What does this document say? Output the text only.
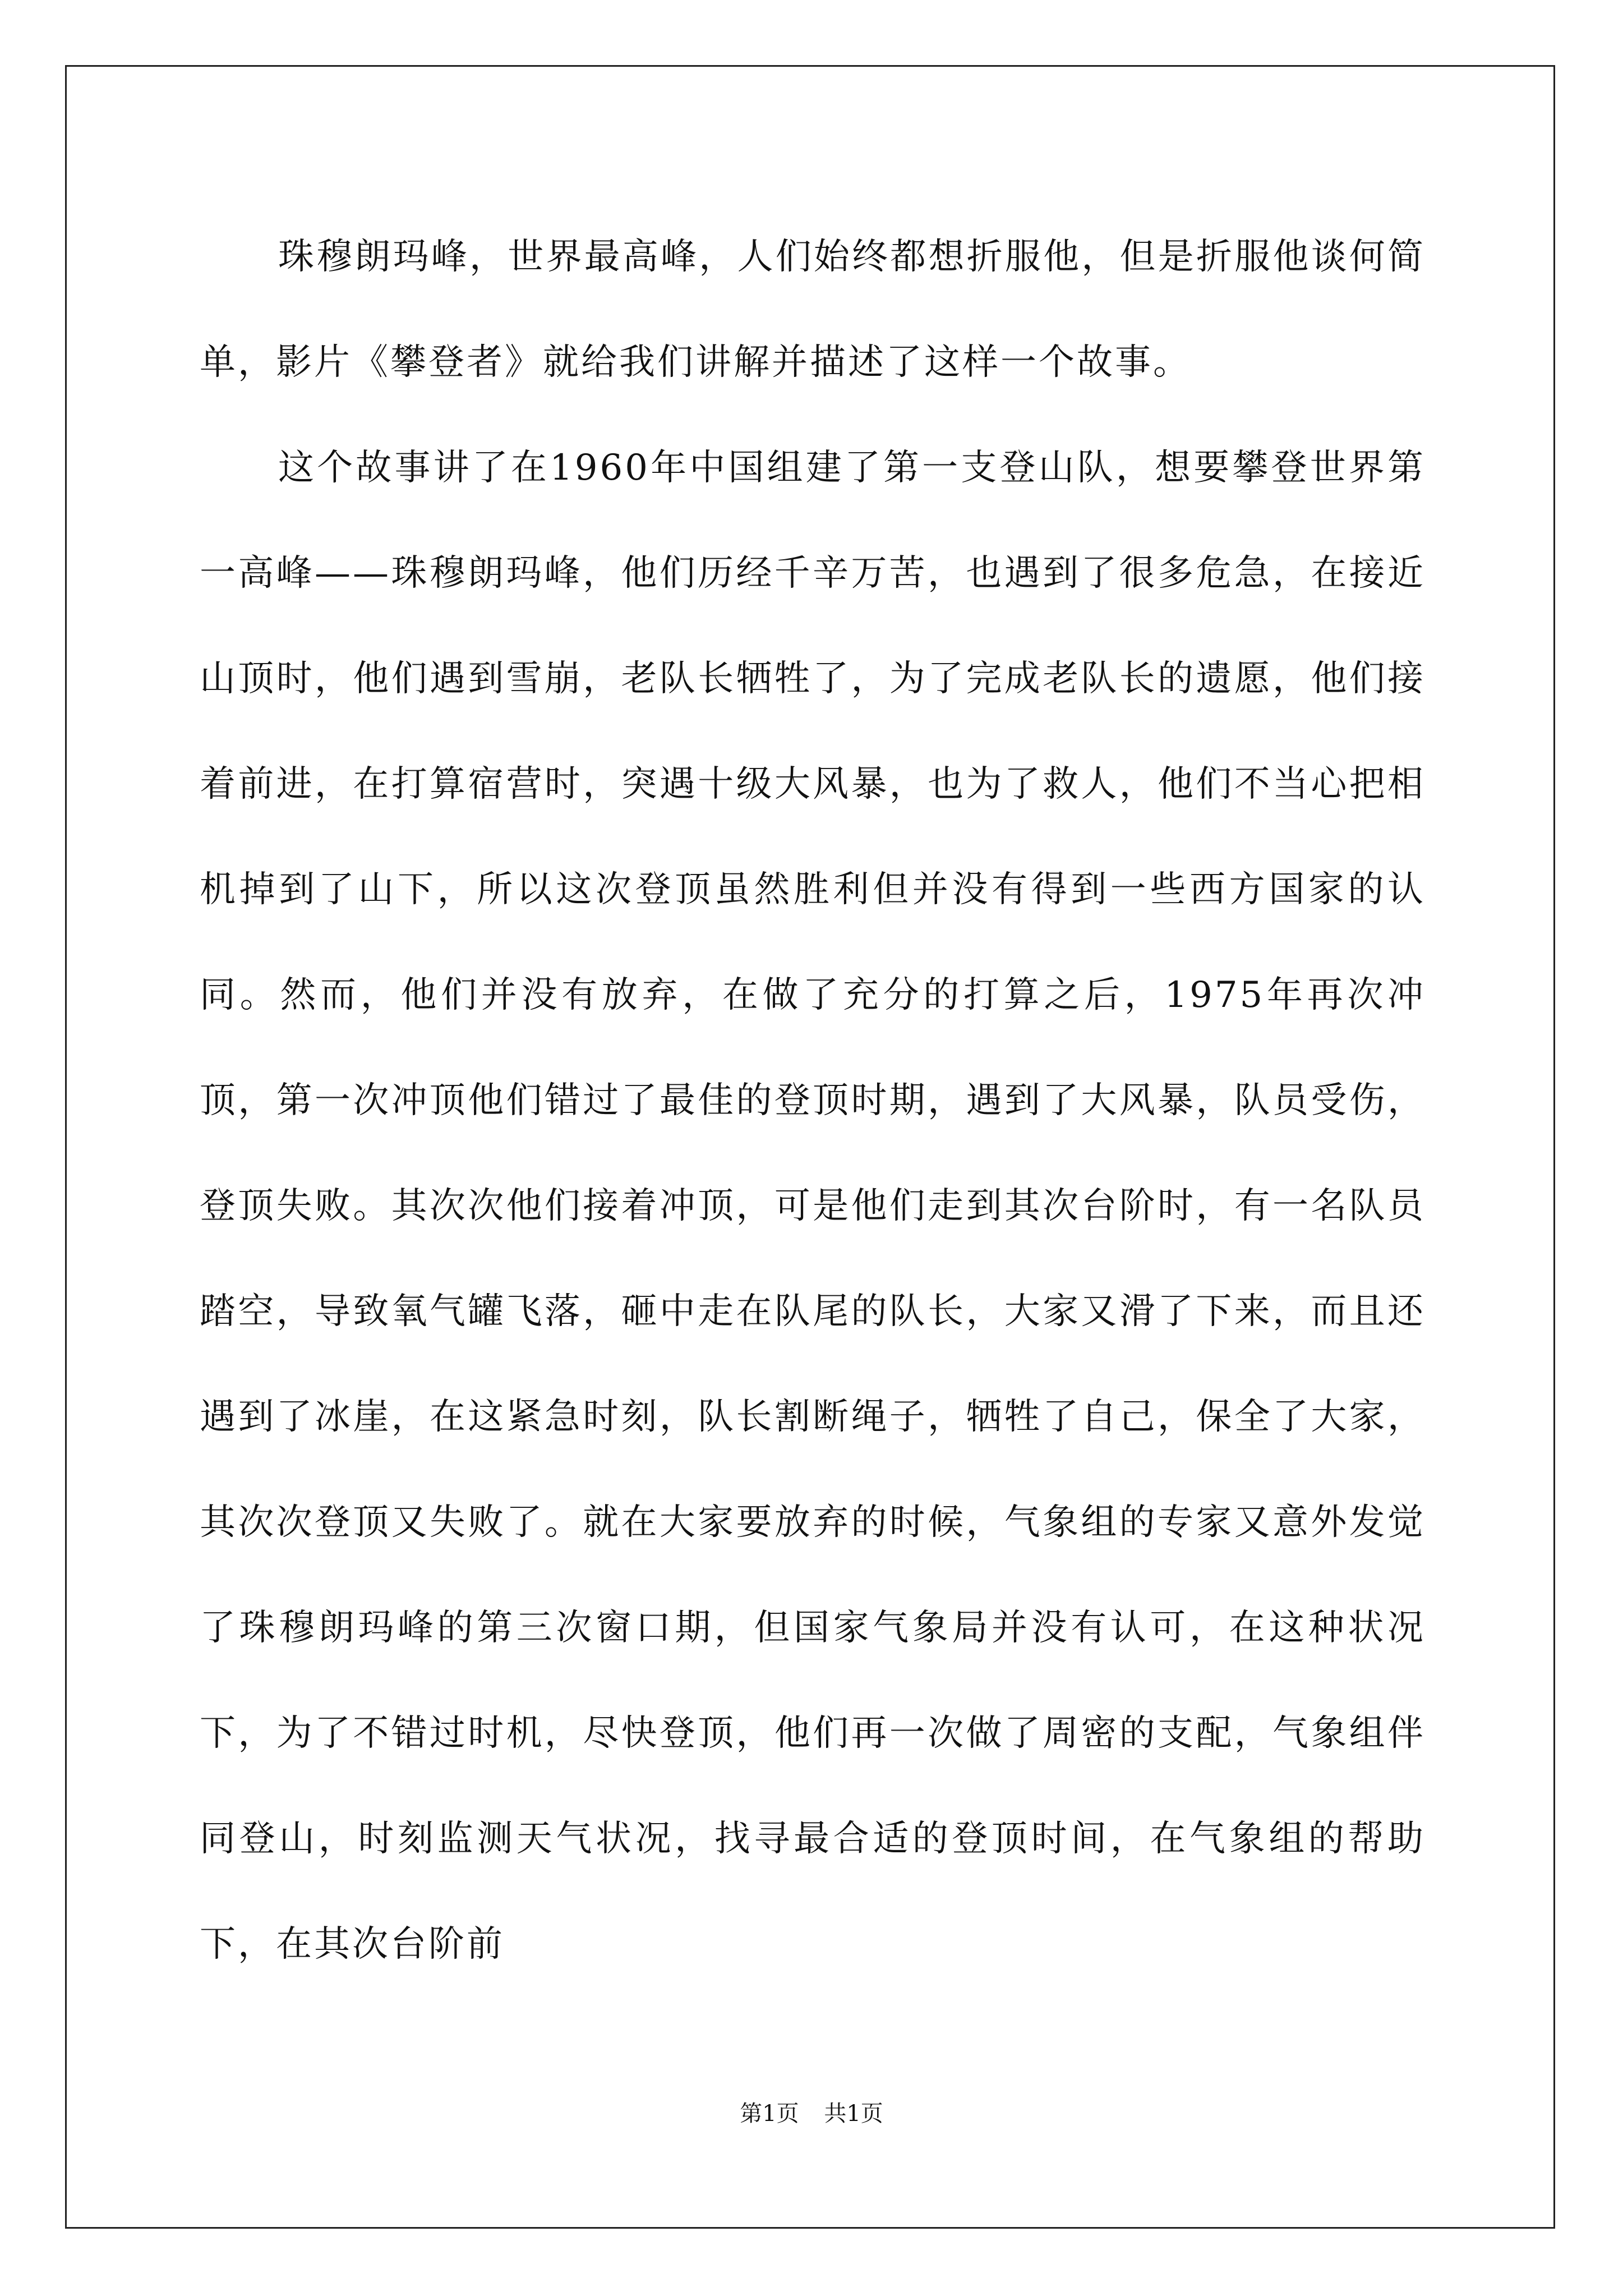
珠穆朗玛峰，世界最高峰，人们始终都想折服他，但是折服他谈何简单，影片《攀登者》就给我们讲解并描述了这样一个故事。

这个故事讲了在1960年中国组建了第一支登山队，想要攀登世界第一高峰——珠穆朗玛峰，他们历经千辛万苦，也遇到了很多危急，在接近山顶时，他们遇到雪崩，老队长牺牲了，为了完成老队长的遗愿，他们接着前进，在打算宿营时，突遇十级大风暴，也为了救人，他们不当心把相机掉到了山下，所以这次登顶虽然胜利但并没有得到一些西方国家的认同。然而，他们并没有放弃，在做了充分的打算之后，1975年再次冲顶，第一次冲顶他们错过了最佳的登顶时期，遇到了大风暴，队员受伤，登顶失败。其次次他们接着冲顶，可是他们走到其次台阶时，有一名队员踏空，导致氧气罐飞落，砸中走在队尾的队长，大家又滑了下来，而且还遇到了冰崖，在这紧急时刻，队长割断绳子，牺牲了自己，保全了大家，其次次登顶又失败了。就在大家要放弃的时候，气象组的专家又意外发觉了珠穆朗玛峰的第三次窗口期，但国家气象局并没有认可，在这种状况下，为了不错过时机，尽快登顶，他们再一次做了周密的支配，气象组伴同登山，时刻监测天气状况，找寻最合适的登顶时间，在气象组的帮助下，在其次台阶前

第1页 共1页
